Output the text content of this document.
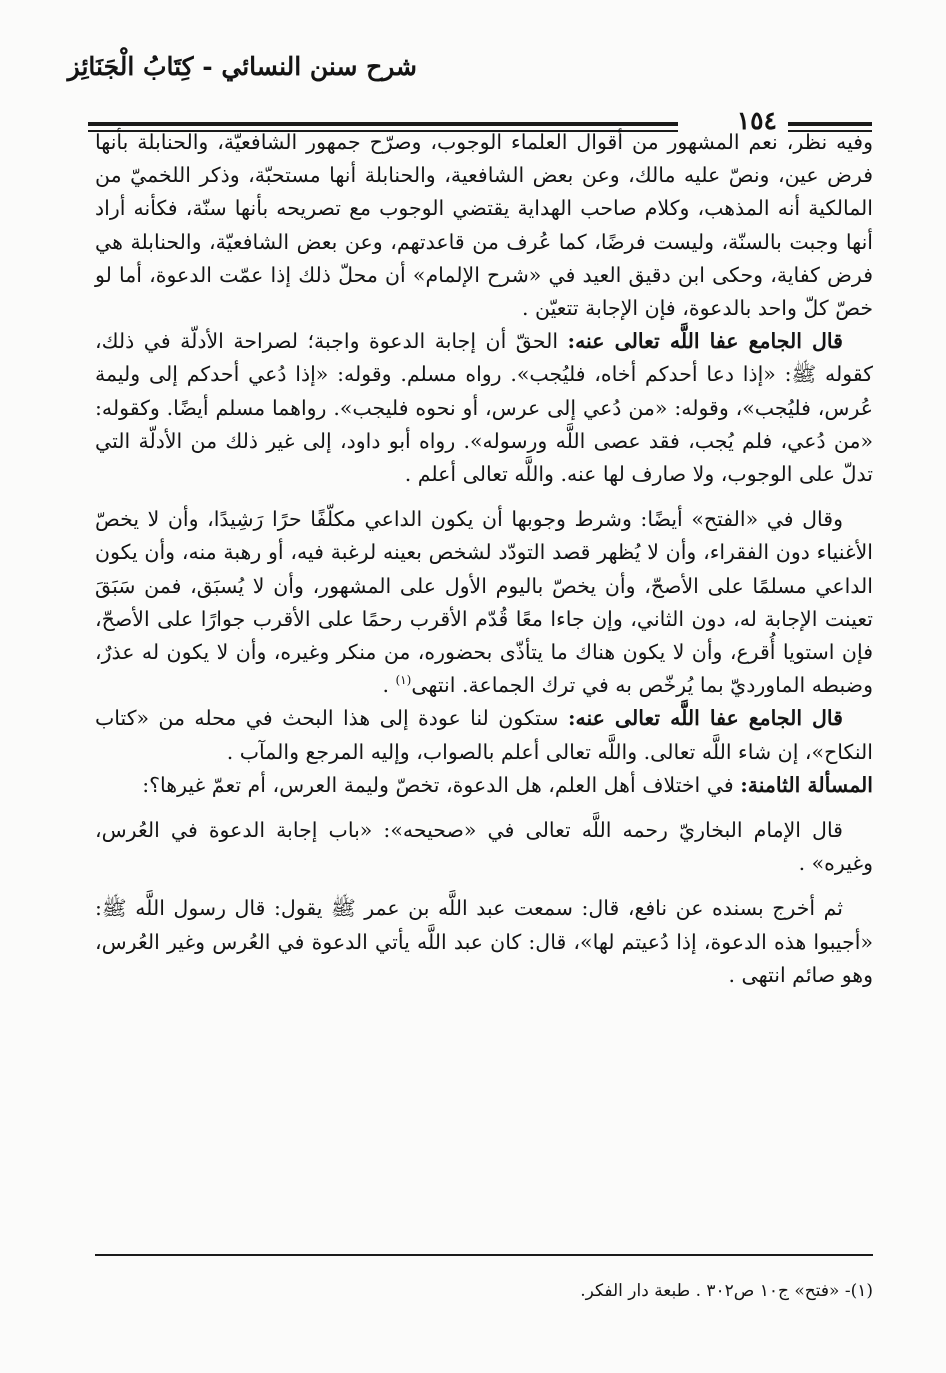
شرح سنن النسائي - كِتَابُ الْجَنَائِز
١٥٤

وفيه نظر، نعم المشهور من أقوال العلماء الوجوب، وصرّح جمهور الشافعيّة، والحنابلة بأنها فرض عين، ونصّ عليه مالك، وعن بعض الشافعية، والحنابلة أنها مستحبّة، وذكر اللخميّ من المالكية أنه المذهب، وكلام صاحب الهداية يقتضي الوجوب مع تصريحه بأنها سنّة، فكأنه أراد أنها وجبت بالسنّة، وليست فرضًا، كما عُرف من قاعدتهم، وعن بعض الشافعيّة، والحنابلة هي فرض كفاية، وحكى ابن دقيق العيد في «شرح الإلمام» أن محلّ ذلك إذا عمّت الدعوة، أما لو خصّ كلّ واحد بالدعوة، فإن الإجابة تتعيّن .

قال الجامع عفا اللَّه تعالى عنه: الحقّ أن إجابة الدعوة واجبة؛ لصراحة الأدلّة في ذلك، كقوله ﷺ: «إذا دعا أحدكم أخاه، فليُجب». رواه مسلم. وقوله: «إذا دُعي أحدكم إلى وليمة عُرس، فليُجب»، وقوله: «من دُعي إلى عرس، أو نحوه فليجب». رواهما مسلم أيضًا. وكقوله: «من دُعي، فلم يُجب، فقد عصى اللَّه ورسوله». رواه أبو داود، إلى غير ذلك من الأدلّة التي تدلّ على الوجوب، ولا صارف لها عنه. واللَّه تعالى أعلم .

وقال في «الفتح» أيضًا: وشرط وجوبها أن يكون الداعي مكلّفًا حرًا رَشِيدًا، وأن لا يخصّ الأغنياء دون الفقراء، وأن لا يُظهر قصد التودّد لشخص بعينه لرغبة فيه، أو رهبة منه، وأن يكون الداعي مسلمًا على الأصحّ، وأن يخصّ باليوم الأول على المشهور، وأن لا يُسبَق، فمن سَبَقَ تعينت الإجابة له، دون الثاني، وإن جاءا معًا قُدّم الأقرب رحمًا على الأقرب جوارًا على الأصحّ، فإن استويا أُقرع، وأن لا يكون هناك ما يتأذّى بحضوره، من منكر وغيره، وأن لا يكون له عذرٌ، وضبطه الماورديّ بما يُرخّص به في ترك الجماعة. انتهى$^{(١)}$ .

قال الجامع عفا اللَّه تعالى عنه: ستكون لنا عودة إلى هذا البحث في محله من «كتاب النكاح»، إن شاء اللَّه تعالى. واللَّه تعالى أعلم بالصواب، وإليه المرجع والمآب .

المسألة الثامنة: في اختلاف أهل العلم، هل الدعوة، تخصّ وليمة العرس، أم تعمّ غيرها؟:

قال الإمام البخاريّ رحمه اللَّه تعالى في «صحيحه»: «باب إجابة الدعوة في العُرس، وغيره» .

ثم أخرج بسنده عن نافع، قال: سمعت عبد اللَّه بن عمر ﷺ يقول: قال رسول اللَّه ﷺ: «أجيبوا هذه الدعوة، إذا دُعيتم لها»، قال: كان عبد اللَّه يأتي الدعوة في العُرس وغير العُرس، وهو صائم انتهى .

(١)- «فتح» ج١٠ ص٣٠٢ . طبعة دار الفكر.
